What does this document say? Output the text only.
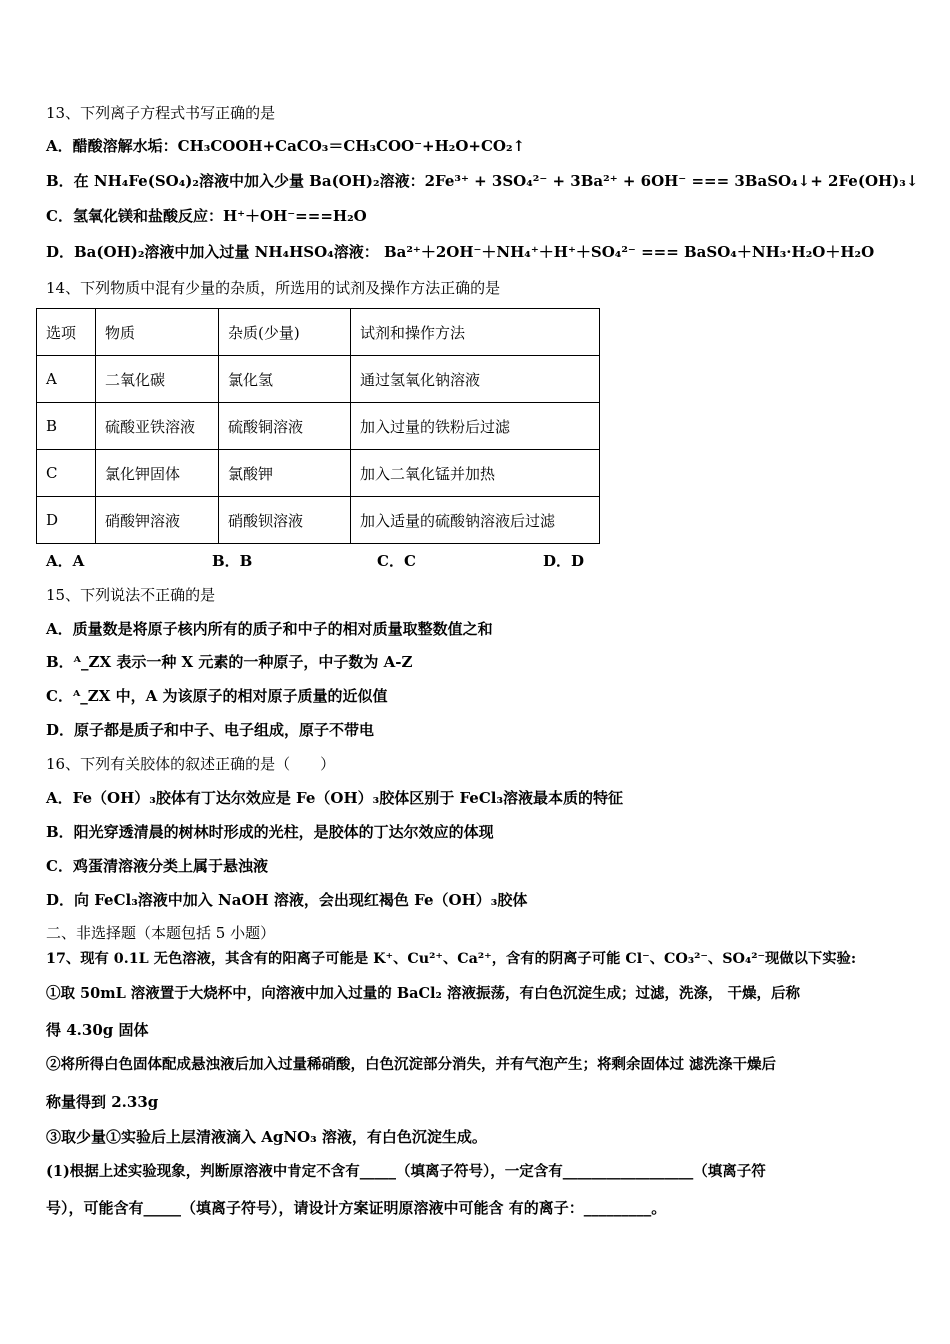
13、下列离子方程式书写正确的是
A．醋酸溶解水垢：CH₃COOH+CaCO₃＝CH₃COO⁻+H₂O+CO₂↑
B．在 NH₄Fe(SO₄)₂溶液中加入少量 Ba(OH)₂溶液：2Fe³⁺ + 3SO₄²⁻ + 3Ba²⁺ + 6OH⁻ === 3BaSO₄↓+ 2Fe(OH)₃↓
C．氢氧化镁和盐酸反应：H⁺＋OH⁻===H₂O
D．Ba(OH)₂溶液中加入过量 NH₄HSO₄溶液： Ba²⁺＋2OH⁻＋NH₄⁺＋H⁺＋SO₄²⁻ === BaSO₄＋NH₃·H₂O＋H₂O
14、下列物质中混有少量的杂质，所选用的试剂及操作方法正确的是
选项	物质	杂质(少量)	试剂和操作方法
A	二氧化碳	氯化氢	通过氢氧化钠溶液
B	硫酸亚铁溶液	硫酸铜溶液	加入过量的铁粉后过滤
C	氯化钾固体	氯酸钾	加入二氧化锰并加热
D	硝酸钾溶液	硝酸钡溶液	加入适量的硫酸钠溶液后过滤
A．A	B．B	C．C	D．D
15、下列说法不正确的是
A．质量数是将原子核内所有的质子和中子的相对质量取整数值之和
B．ᴬ_ZX 表示一种 X 元素的一种原子，中子数为 A-Z
C．ᴬ_ZX 中，A 为该原子的相对原子质量的近似值
D．原子都是质子和中子、电子组成，原子不带电
16、下列有关胶体的叙述正确的是（　　）
A．Fe（OH）₃胶体有丁达尔效应是 Fe（OH）₃胶体区别于 FeCl₃溶液最本质的特征
B．阳光穿透清晨的树林时形成的光柱，是胶体的丁达尔效应的体现
C．鸡蛋清溶液分类上属于悬浊液
D．向 FeCl₃溶液中加入 NaOH 溶液，会出现红褐色 Fe（OH）₃胶体
二、非选择题（本题包括 5 小题）
17、现有 0.1L 无色溶液，其含有的阳离子可能是 K⁺、Cu²⁺、Ca²⁺，含有的阴离子可能 Cl⁻、CO₃²⁻、SO₄²⁻现做以下实验:
①取 50mL 溶液置于大烧杯中，向溶液中加入过量的 BaCl₂ 溶液振荡，有白色沉淀生成；过滤，洗涤， 干燥，后称
得 4.30g 固体
②将所得白色固体配成悬浊液后加入过量稀硝酸，白色沉淀部分消失，并有气泡产生；将剩余固体过 滤洗涤干燥后
称量得到 2.33g
③取少量①实验后上层清液滴入 AgNO₃ 溶液，有白色沉淀生成。
(1)根据上述实验现象，判断原溶液中肯定不含有_____（填离子符号），一定含有__________________（填离子符
号），可能含有_____（填离子符号），请设计方案证明原溶液中可能含 有的离子：_________。
